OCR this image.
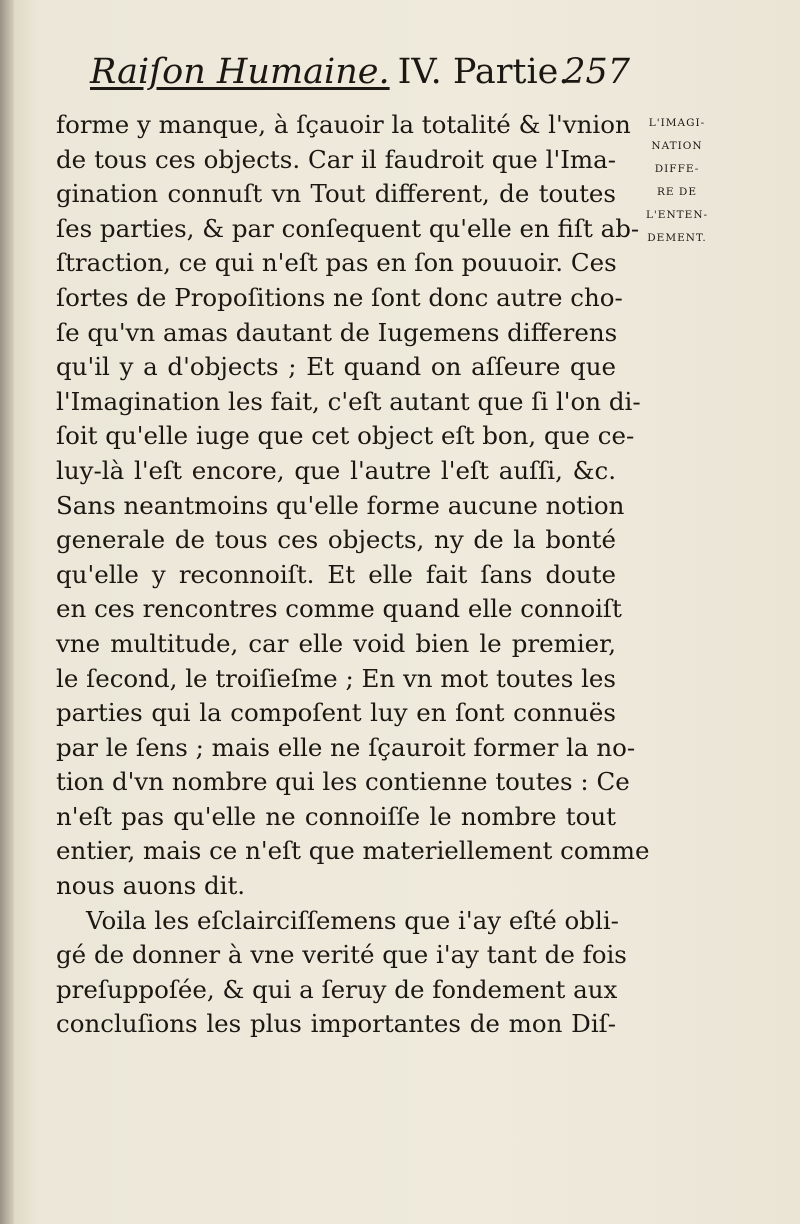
Raiſon Humaine. IV. Partie.
257
L'IMAGI-
NATION
DIFFE-
RE DE
L'ENTEN-
DEMENT.
forme y manque, à ſçauoir la totalité & l'vnion
de tous ces objects. Car il faudroit que l'Ima-
gination connuſt vn Tout different, de toutes
ſes parties, & par conſequent qu'elle en fiſt ab-
ſtraction, ce qui n'eſt pas en ſon pouuoir. Ces
ſortes de Propoſitions ne ſont donc autre cho-
ſe qu'vn amas dautant de Iugemens differens
qu'il y a d'objects ; Et quand on aſſeure que
l'Imagination les fait, c'eſt autant que ſi l'on di-
ſoit qu'elle iuge que cet object eſt bon, que ce-
luy-là l'eſt encore, que l'autre l'eſt auſſi, &c.
Sans neantmoins qu'elle forme aucune notion
generale de tous ces objects, ny de la bonté
qu'elle y reconnoiſt. Et elle fait ſans doute
en ces rencontres comme quand elle connoiſt
vne multitude, car elle void bien le premier,
le ſecond, le troiſieſme ; En vn mot toutes les
parties qui la compoſent luy en ſont connuës
par le ſens ; mais elle ne ſçauroit former la no-
tion d'vn nombre qui les contienne toutes : Ce
n'eſt pas qu'elle ne connoiſſe le nombre tout
entier, mais ce n'eſt que materiellement comme
nous auons dit.
Voila les eſclairciſſemens que i'ay eſté obli-
gé de donner à vne verité que i'ay tant de fois
preſuppoſée, & qui a ſeruy de fondement aux
concluſions les plus importantes de mon Diſ-
